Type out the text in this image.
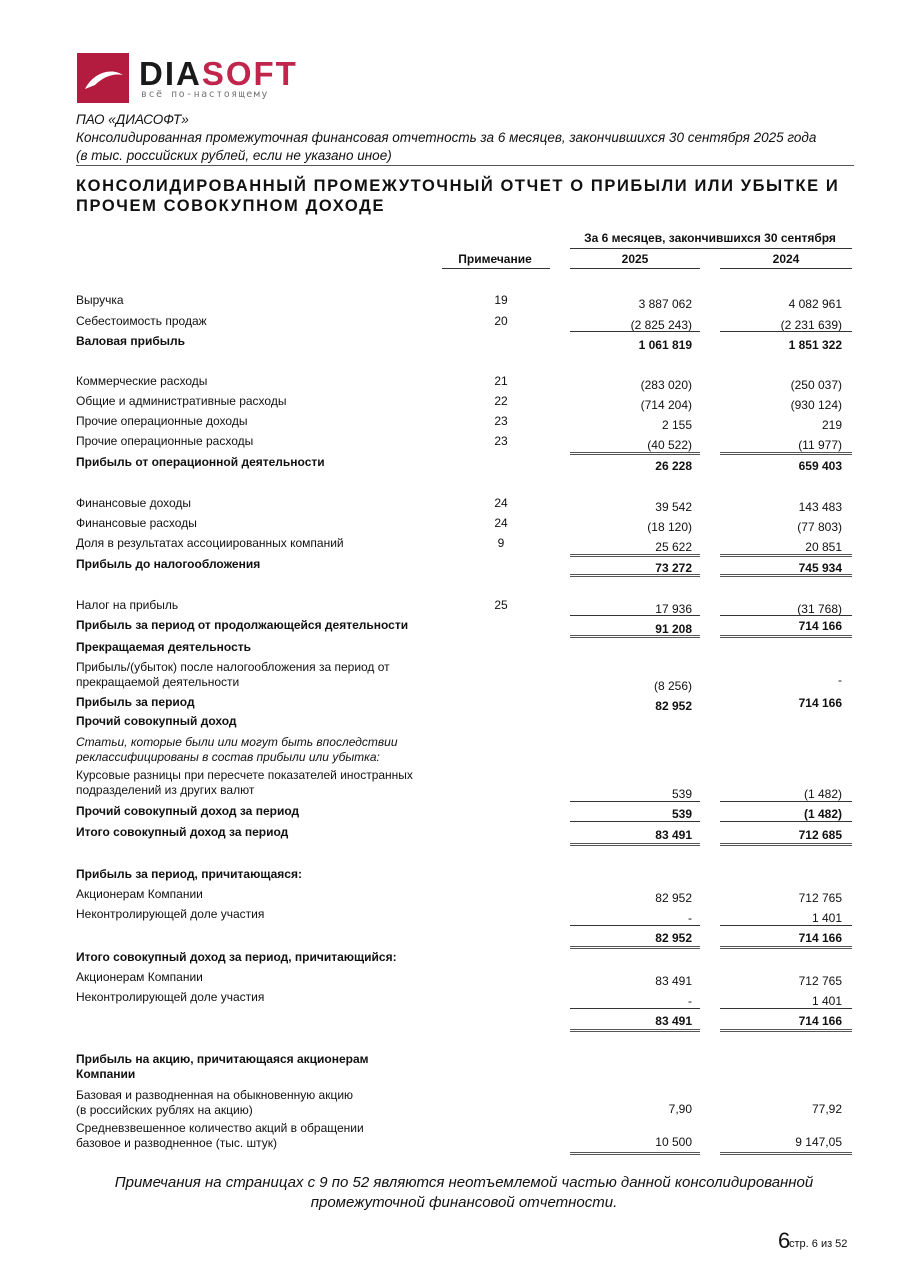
DIASOFT
всё по-настоящему
ПАО «ДИАСОФТ»
Консолидированная промежуточная финансовая отчетность за 6 месяцев, закончившихся 30 сентября 2025 года
(в тыс. российских рублей, если не указано иное)
КОНСОЛИДИРОВАННЫЙ ПРОМЕЖУТОЧНЫЙ ОТЧЕТ О ПРИБЫЛИ ИЛИ УБЫТКЕ И
ПРОЧЕМ СОВОКУПНОМ ДОХОДЕ
За 6 месяцев, закончившихся 30 сентября
Примечание	2025	2024
Выручка	19	3 887 062	4 082 961
Себестоимость продаж	20	(2 825 243)	(2 231 639)
Валовая прибыль	1 061 819	1 851 322
Коммерческие расходы	21	(283 020)	(250 037)
Общие и административные расходы	22	(714 204)	(930 124)
Прочие операционные доходы	23	2 155	219
Прочие операционные расходы	23	(40 522)	(11 977)
Прибыль от операционной деятельности	26 228	659 403
Финансовые доходы	24	39 542	143 483
Финансовые расходы	24	(18 120)	(77 803)
Доля в результатах ассоциированных компаний	9	25 622	20 851
Прибыль до налогообложения	73 272	745 934
Налог на прибыль	25	17 936	(31 768)
Прибыль за период от продолжающейся деятельности	91 208	714 166
Прекращаемая деятельность
Прибыль/(убыток) после налогообложения за период от
прекращаемой деятельности	(8 256)	-
Прибыль за период	82 952	714 166
Прочий совокупный доход
Статьи, которые были или могут быть впоследствии
реклассифицированы в состав прибыли или убытка:
Курсовые разницы при пересчете показателей иностранных
подразделений из других валют	539	(1 482)
Прочий совокупный доход за период	539	(1 482)
Итого совокупный доход за период	83 491	712 685
Прибыль за период, причитающаяся:
Акционерам Компании	82 952	712 765
Неконтролирующей доле участия	-	1 401
82 952	714 166
Итого совокупный доход за период, причитающийся:
Акционерам Компании	83 491	712 765
Неконтролирующей доле участия	-	1 401
83 491	714 166
Прибыль на акцию, причитающаяся акционерам
Компании
Базовая и разводненная на обыкновенную акцию
(в российских рублях на акцию)	7,90	77,92
Средневзвешенное количество акций в обращении
базовое и разводненное (тыс. штук)	10 500	9 147,05
Примечания на страницах с 9 по 52 являются неотъемлемой частью данной консолидированной
промежуточной финансовой отчетности.
6
стр. 6 из 52
